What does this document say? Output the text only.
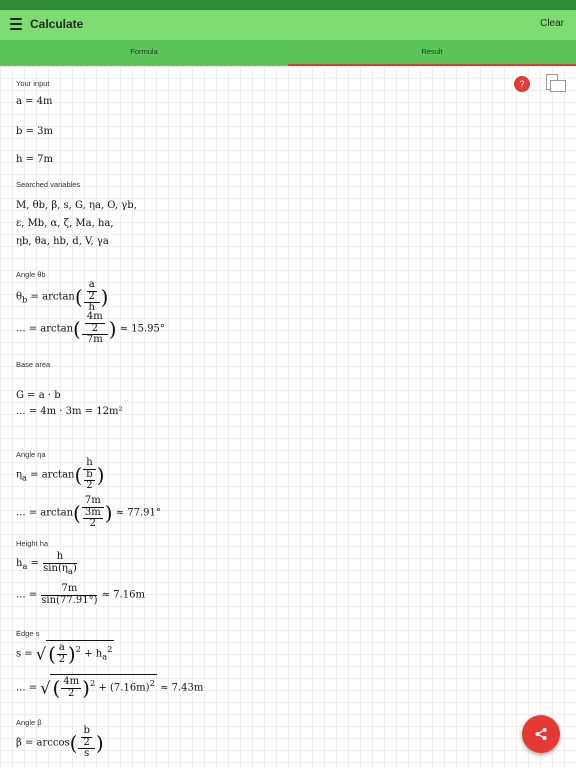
Calculate	Clear
Formula	Result
?
Your input
a = 4m
b = 3m
h = 7m
Searched variables
M, θb, β, s, G, ηa, O, γb,
ε, Mb, α, ζ, Ma, ha,
ηb, θa, hb, d, V, γa
Angle θb
$\theta_b = \arctan( \frac{\frac{a}{2}}{h}$ )
... = $\arctan( \frac{\frac{4m}{2}}{7m}$ ) ≈ 15.95°
Base area
G = a · b
... = 4m · 3m = 12m²
Angle ηa
$\eta_a = \arctan( \frac{h}{\frac{b}{2}}$ )
... = $\arctan( \frac{7m}{\frac{3m}{2}}$ ) ≈ 77.91°
Height ha
$h_a = \frac{h}{\sin(\eta_a)}$
... = $\frac{7m}{\sin(77.91^\circ)} \approx 7.16m$
Edge s
s = √ ( $\frac{a}{2} )^2 + h_a^2$
... = √ ( $\frac{4m}{2} )^2 + (7.16m)^2 \approx 7.43m$
Angle β
$\beta = \arccos( \frac{\frac{b}{2}}{s}$ )
